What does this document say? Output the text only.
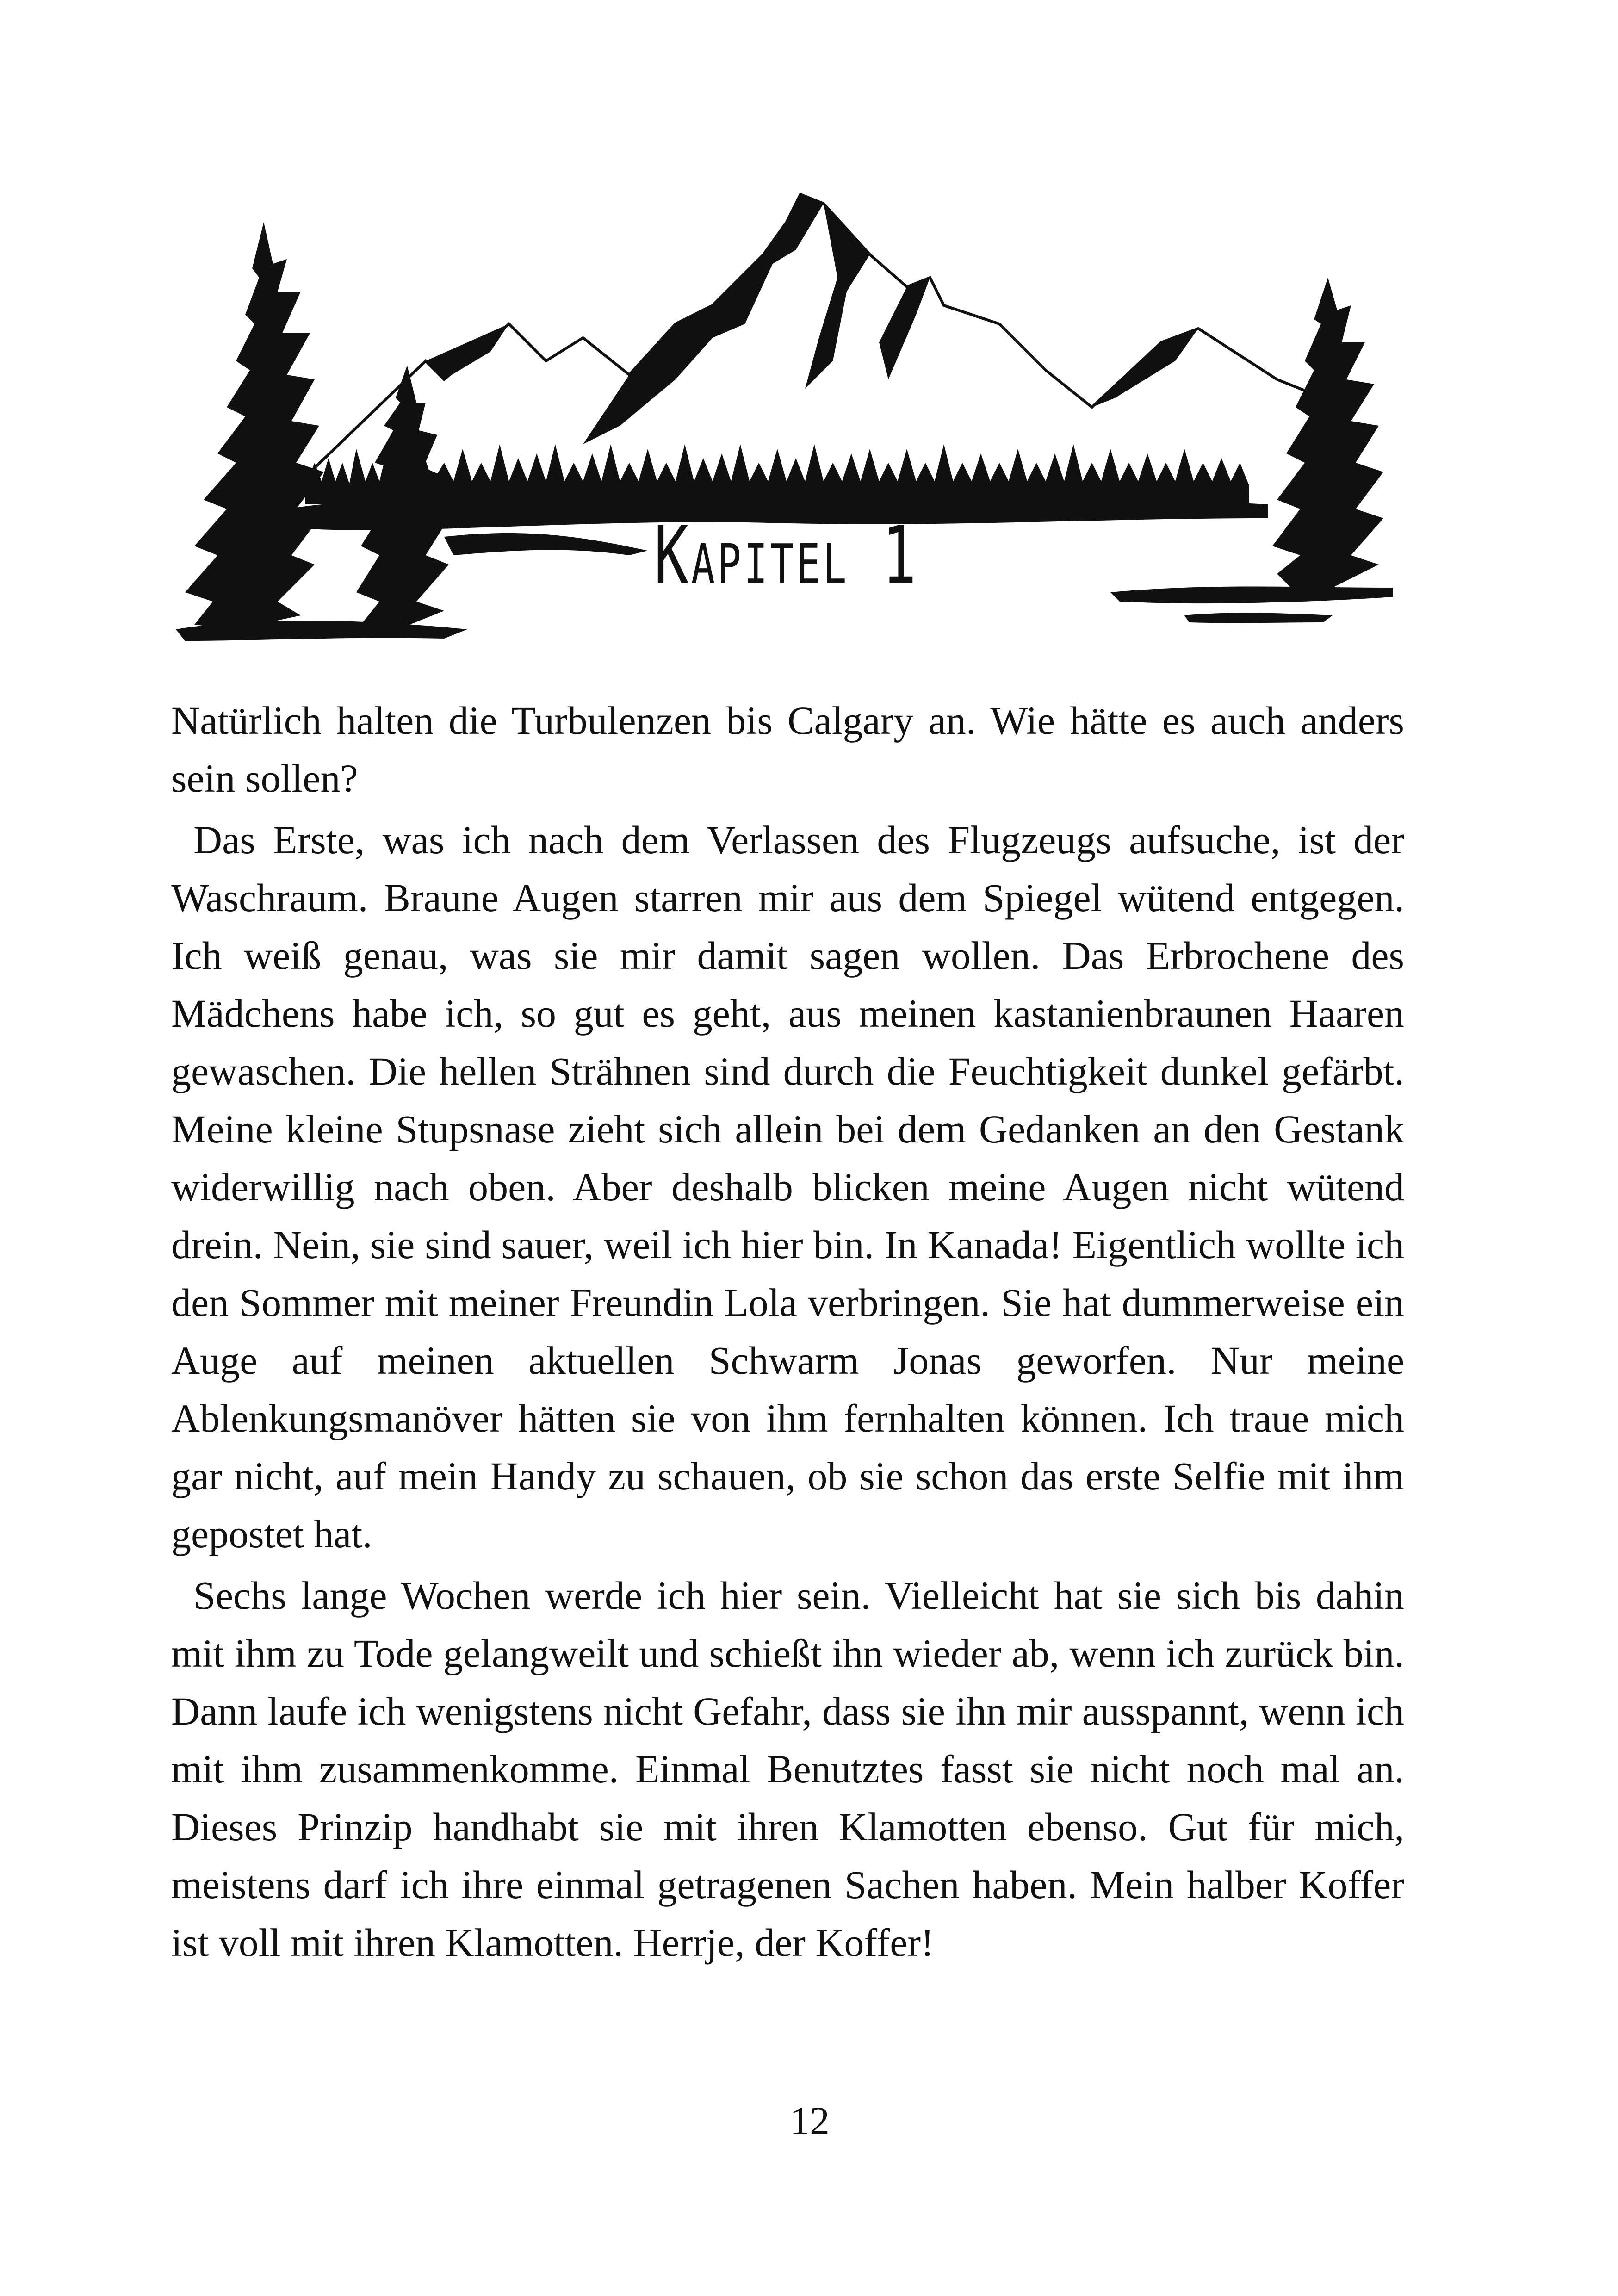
KAPITEL 1

Natürlich halten die Turbulenzen bis Calgary an. Wie hätte es auch anders sein sollen?

Das Erste, was ich nach dem Verlassen des Flugzeugs aufsuche, ist der Waschraum. Braune Augen starren mir aus dem Spiegel wütend entgegen. Ich weiß genau, was sie mir damit sagen wollen. Das Erbrochene des Mädchens habe ich, so gut es geht, aus meinen kastanienbraunen Haaren gewaschen. Die hellen Strähnen sind durch die Feuchtigkeit dunkel gefärbt. Meine kleine Stupsnase zieht sich allein bei dem Gedanken an den Gestank widerwillig nach oben. Aber deshalb blicken meine Augen nicht wütend drein. Nein, sie sind sauer, weil ich hier bin. In Kanada! Eigentlich wollte ich den Sommer mit meiner Freundin Lola verbringen. Sie hat dummerweise ein Auge auf meinen aktuellen Schwarm Jonas geworfen. Nur meine Ablenkungsmanöver hätten sie von ihm fernhalten können. Ich traue mich gar nicht, auf mein Handy zu schauen, ob sie schon das erste Selfie mit ihm gepostet hat.

Sechs lange Wochen werde ich hier sein. Vielleicht hat sie sich bis dahin mit ihm zu Tode gelangweilt und schießt ihn wieder ab, wenn ich zurück bin. Dann laufe ich wenigstens nicht Gefahr, dass sie ihn mir ausspannt, wenn ich mit ihm zusammenkomme. Einmal Benutztes fasst sie nicht noch mal an. Dieses Prinzip handhabt sie mit ihren Klamotten ebenso. Gut für mich, meistens darf ich ihre einmal getragenen Sachen haben. Mein halber Koffer ist voll mit ihren Klamotten. Herrje, der Koffer!

12
